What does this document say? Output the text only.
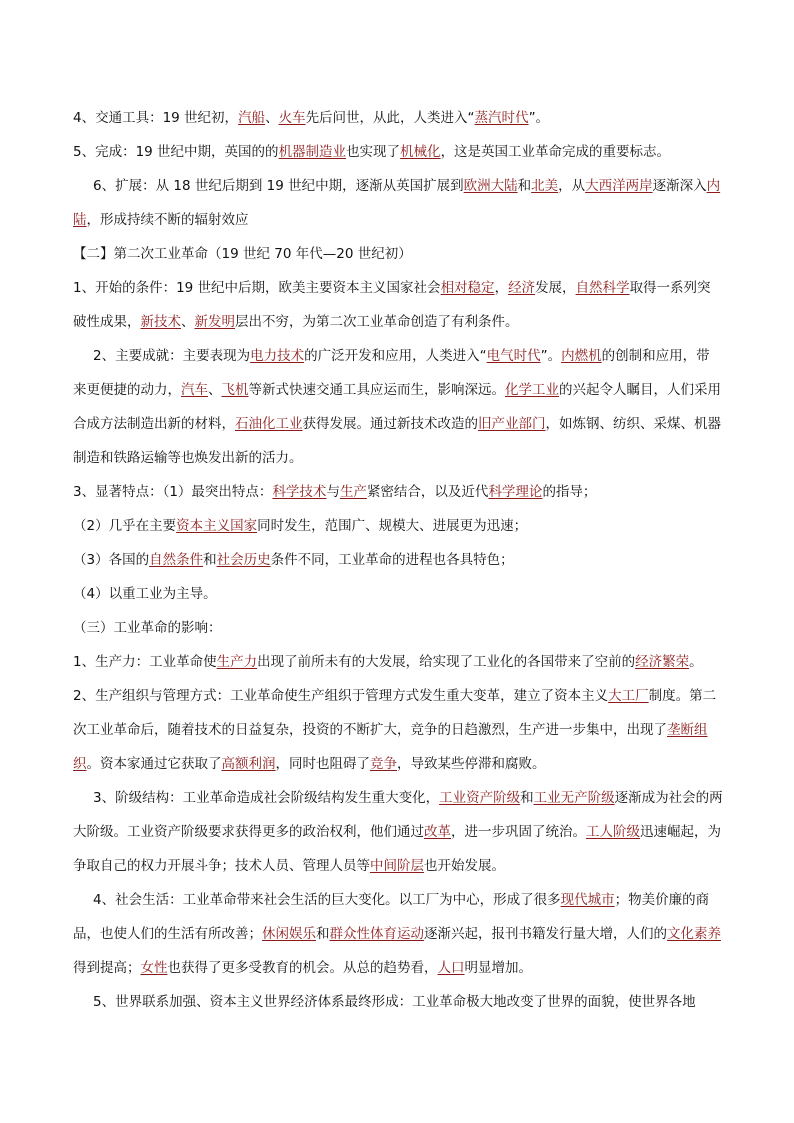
4、交通工具：19 世纪初，汽船、火车先后问世，从此，人类进入“蒸汽时代”。

5、完成：19 世纪中期，英国的的机器制造业也实现了机械化，这是英国工业革命完成的重要标志。

6、扩展：从 18 世纪后期到 19 世纪中期，逐渐从英国扩展到欧洲大陆和北美，从大西洋两岸逐渐深入内陆，形成持续不断的辐射效应

【二】第二次工业革命（19 世纪 70 年代—20 世纪初）

1、开始的条件：19 世纪中后期，欧美主要资本主义国家社会相对稳定，经济发展，自然科学取得一系列突破性成果，新技术、新发明层出不穷，为第二次工业革命创造了有利条件。

2、主要成就：主要表现为电力技术的广泛开发和应用，人类进入“电气时代”。内燃机的创制和应用，带来更便捷的动力，汽车、飞机等新式快速交通工具应运而生，影响深远。化学工业的兴起令人瞩目，人们采用合成方法制造出新的材料，石油化工业获得发展。通过新技术改造的旧产业部门，如炼钢、纺织、采煤、机器制造和铁路运输等也焕发出新的活力。

3、显著特点：（1）最突出特点：科学技术与生产紧密结合，以及近代科学理论的指导；

（2）几乎在主要资本主义国家同时发生，范围广、规模大、进展更为迅速；

（3）各国的自然条件和社会历史条件不同，工业革命的进程也各具特色；

（4）以重工业为主导。

（三）工业革命的影响：

1、生产力：工业革命使生产力出现了前所未有的大发展，给实现了工业化的各国带来了空前的经济繁荣。

2、生产组织与管理方式：工业革命使生产组织于管理方式发生重大变革，建立了资本主义大工厂制度。第二次工业革命后，随着技术的日益复杂，投资的不断扩大，竞争的日趋激烈，生产进一步集中，出现了垄断组织。资本家通过它获取了高额利润，同时也阻碍了竞争，导致某些停滞和腐败。

3、阶级结构：工业革命造成社会阶级结构发生重大变化，工业资产阶级和工业无产阶级逐渐成为社会的两大阶级。工业资产阶级要求获得更多的政治权利，他们通过改革，进一步巩固了统治。工人阶级迅速崛起，为争取自己的权力开展斗争；技术人员、管理人员等中间阶层也开始发展。

4、社会生活：工业革命带来社会生活的巨大变化。以工厂为中心，形成了很多现代城市；物美价廉的商品，也使人们的生活有所改善；休闲娱乐和群众性体育运动逐渐兴起，报刊书籍发行量大增，人们的文化素养得到提高；女性也获得了更多受教育的机会。从总的趋势看，人口明显增加。

5、世界联系加强、资本主义世界经济体系最终形成：工业革命极大地改变了世界的面貌，使世界各地
